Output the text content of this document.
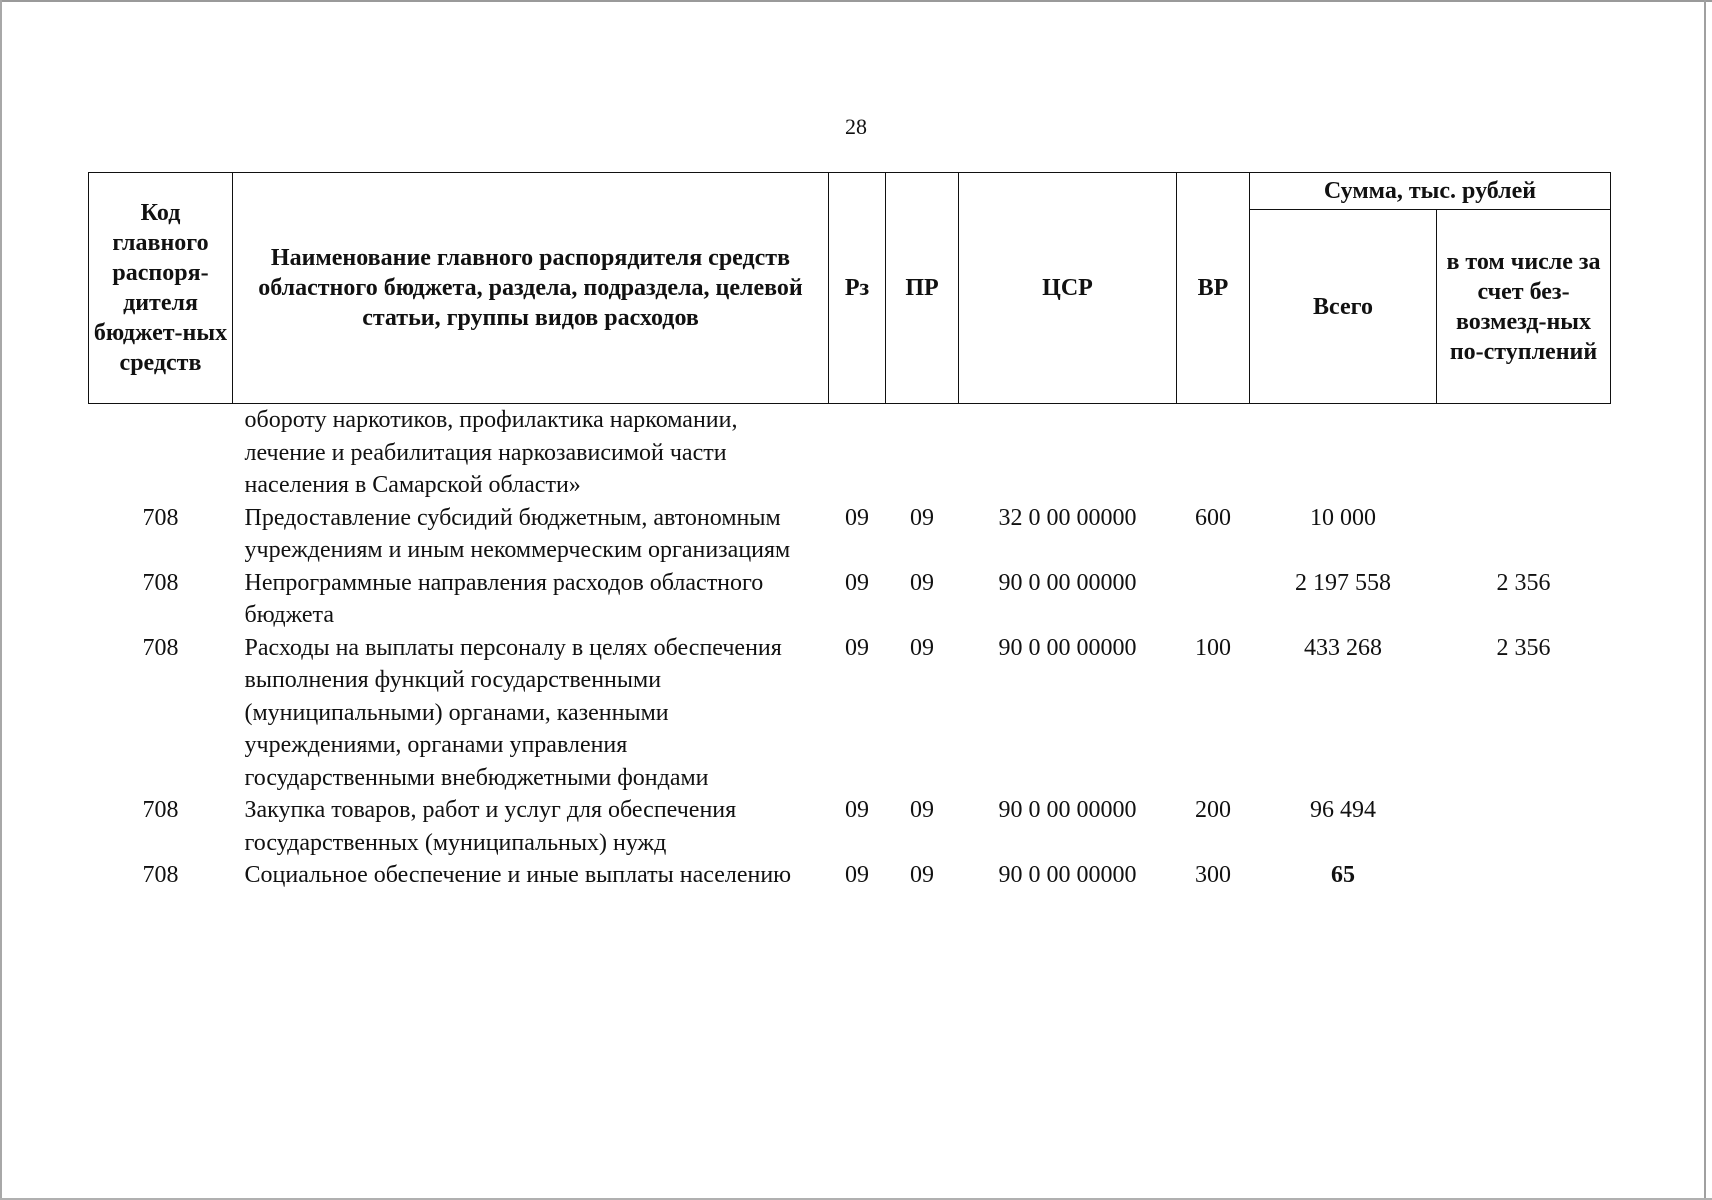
28
Код главного распоря-дителя бюджет-ных средств	Наименование главного распорядителя средств областного бюджета, раздела, подраздела, целевой статьи, группы видов расходов	Рз	ПР	ЦСР	ВР	Сумма, тыс. рублей	
						Всего	в том числе за счет без-возмезд-ных по-ступлений
	обороту наркотиков, профилактика наркомании, лечение и реабилитация наркозависимой части населения в Самарской области»						
708	Предоставление субсидий бюджетным, автономным учреждениям и иным некоммерческим организациям	09	09	32 0 00 00000	600	10 000	
708	Непрограммные направления расходов областного бюджета	09	09	90 0 00 00000		2 197 558	2 356
708	Расходы на выплаты персоналу в целях обеспечения выполнения функций государственными (муниципальными) органами, казенными учреждениями, органами управления государственными внебюджетными фондами	09	09	90 0 00 00000	100	433 268	2 356
708	Закупка товаров, работ и услуг для обеспечения государственных (муниципальных) нужд	09	09	90 0 00 00000	200	96 494	
708	Социальное обеспечение и иные выплаты населению	09	09	90 0 00 00000	300	65	
